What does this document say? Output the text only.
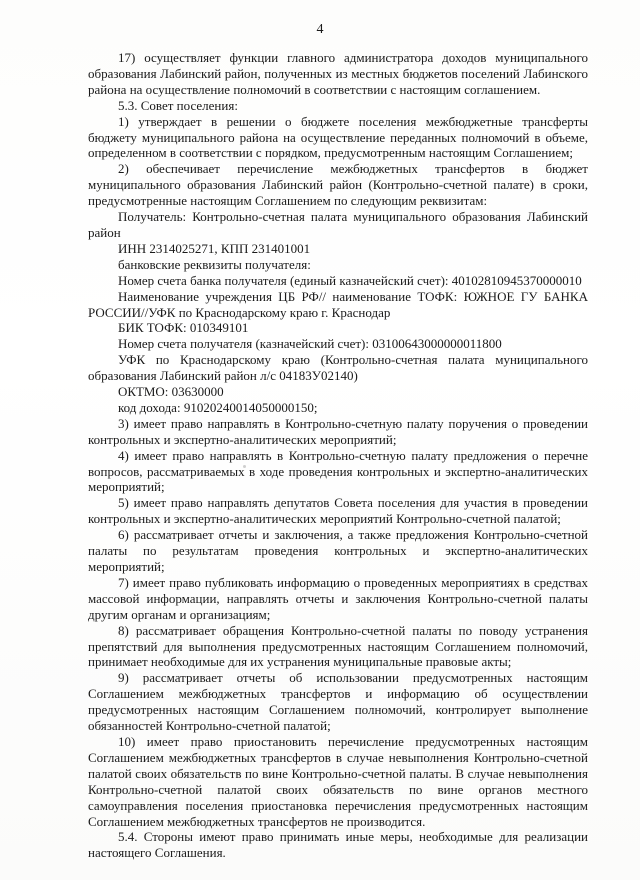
4

17) осуществляет функции главного администратора доходов муниципального образования Лабинский район, полученных из местных бюджетов поселений Лабинского района на осуществление полномочий в соответствии с настоящим соглашением.

5.3. Совет поселения:

1) утверждает в решении о бюджете поселения межбюджетные трансферты бюджету муниципального района на осуществление переданных полномочий в объеме, определенном в соответствии с порядком, предусмотренным настоящим Соглашением;

2) обеспечивает перечисление межбюджетных трансфертов в бюджет муниципального образования Лабинский район (Контрольно-счетной палате) в сроки, предусмотренные настоящим Соглашением по следующим реквизитам:

Получатель: Контрольно-счетная палата муниципального образования Лабинский район

ИНН 2314025271, КПП 231401001

банковские реквизиты получателя:

Номер счета банка получателя (единый казначейский счет): 40102810945370000010

Наименование учреждения ЦБ РФ// наименование ТОФК: ЮЖНОЕ ГУ БАНКА РОССИИ//УФК по Краснодарскому краю г. Краснодар

БИК ТОФК: 010349101

Номер счета получателя (казначейский счет): 03100643000000011800

УФК по Краснодарскому краю (Контрольно-счетная палата муниципального образования Лабинский район л/с 04183У02140)

ОКТМО: 03630000

код дохода: 91020240014050000150;

3) имеет право направлять в Контрольно-счетную палату поручения о проведении контрольных и экспертно-аналитических мероприятий;

4) имеет право направлять в Контрольно-счетную палату предложения о перечне вопросов, рассматриваемых в ходе проведения контрольных и экспертно-аналитических мероприятий;

5) имеет право направлять депутатов Совета поселения для участия в проведении контрольных и экспертно-аналитических мероприятий Контрольно-счетной палатой;

6) рассматривает отчеты и заключения, а также предложения Контрольно-счетной палаты по результатам проведения контрольных и экспертно-аналитических мероприятий;

7) имеет право публиковать информацию о проведенных мероприятиях в средствах массовой информации, направлять отчеты и заключения Контрольно-счетной палаты другим органам и организациям;

8) рассматривает обращения Контрольно-счетной палаты по поводу устранения препятствий для выполнения предусмотренных настоящим Соглашением полномочий, принимает необходимые для их устранения муниципальные правовые акты;

9) рассматривает отчеты об использовании предусмотренных настоящим Соглашением межбюджетных трансфертов и информацию об осуществлении предусмотренных настоящим Соглашением полномочий, контролирует выполнение обязанностей Контрольно-счетной палатой;

10) имеет право приостановить перечисление предусмотренных настоящим Соглашением межбюджетных трансфертов в случае невыполнения Контрольно-счетной палатой своих обязательств по вине Контрольно-счетной палаты. В случае невыполнения Контрольно-счетной палатой своих обязательств по вине органов местного самоуправления поселения приостановка перечисления предусмотренных настоящим Соглашением межбюджетных трансфертов не производится.

5.4. Стороны имеют право принимать иные меры, необходимые для реализации настоящего Соглашения.
